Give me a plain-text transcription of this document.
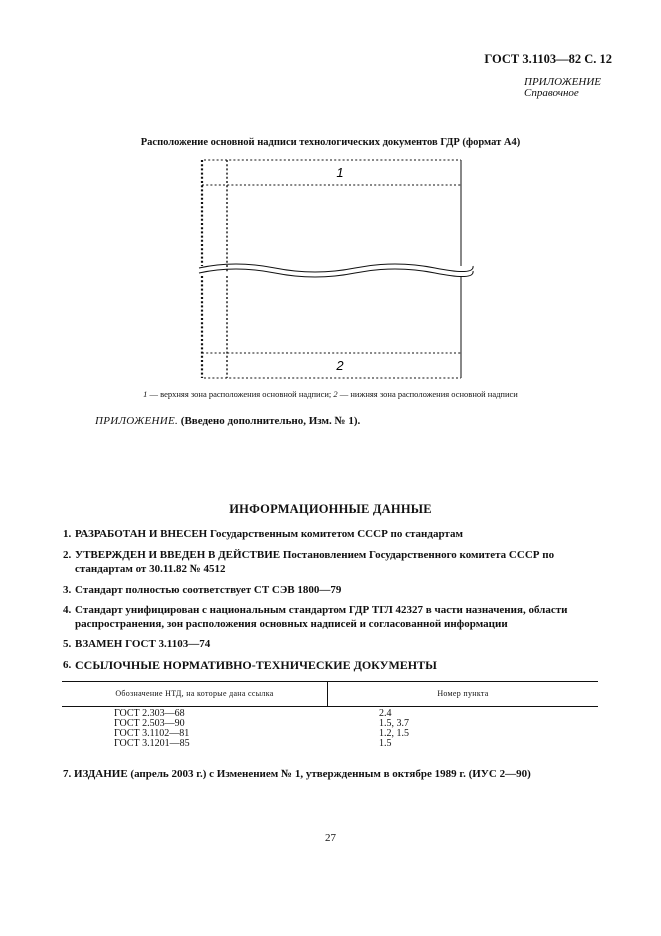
ГОСТ 3.1103—82 С. 12
ПРИЛОЖЕНИЕ
Справочное
Расположение основной надписи технологических документов ГДР (формат А4)
1
2
1 — верхняя зона расположения основной надписи; 2 — нижняя зона расположения основной надписи
ПРИЛОЖЕНИЕ. (Введено дополнительно, Изм. № 1).
ИНФОРМАЦИОННЫЕ ДАННЫЕ
1. РАЗРАБОТАН И ВНЕСЕН Государственным комитетом СССР по стандартам
2. УТВЕРЖДЕН И ВВЕДЕН В ДЕЙСТВИЕ Постановлением Государственного комитета СССР по стандартам от 30.11.82 № 4512
3. Стандарт полностью соответствует СТ СЭВ 1800—79
4. Стандарт унифицирован с национальным стандартом ГДР ТГЛ 42327 в части назначения, области распространения, зон расположения основных надписей и согласованной информации
5. ВЗАМЕН ГОСТ 3.1103—74
6. ССЫЛОЧНЫЕ НОРМАТИВНО-ТЕХНИЧЕСКИЕ ДОКУМЕНТЫ
Обозначение НТД, на которые дана ссылка	Номер пункта
ГОСТ 2.303—68	2.4
ГОСТ 2.503—90	1.5, 3.7
ГОСТ 3.1102—81	1.2, 1.5
ГОСТ 3.1201—85	1.5
7. ИЗДАНИЕ (апрель 2003 г.) с Изменением № 1, утвержденным в октябре 1989 г. (ИУС 2—90)
27
